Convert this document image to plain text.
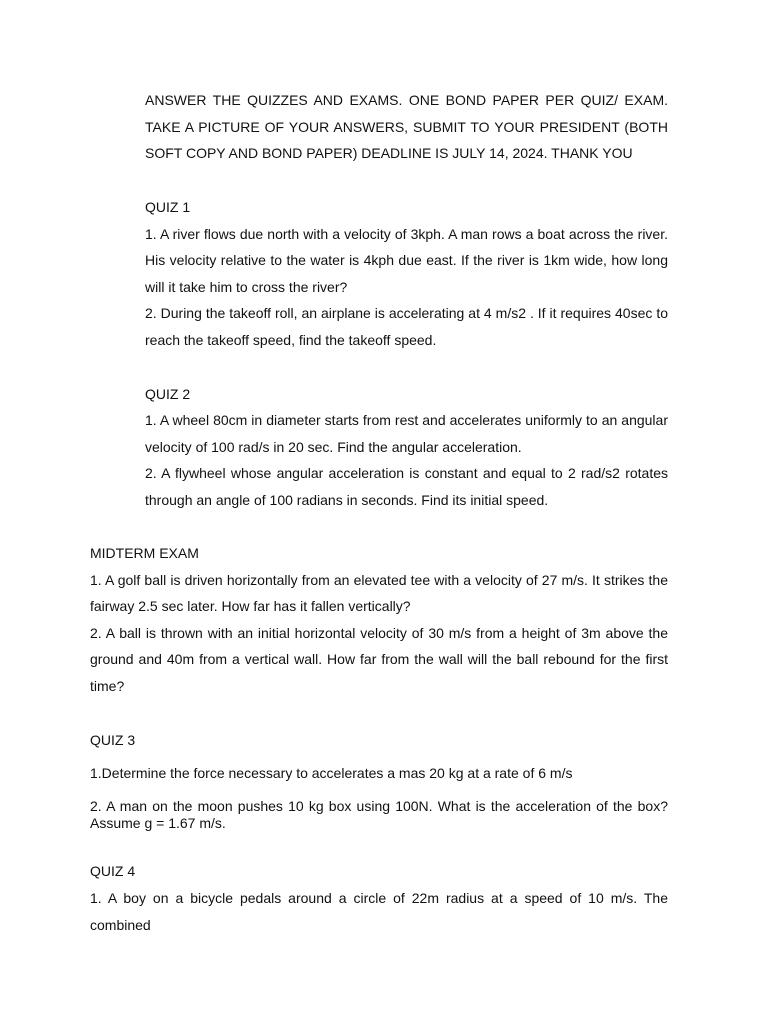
ANSWER THE QUIZZES AND EXAMS. ONE BOND PAPER PER QUIZ/ EXAM. TAKE A PICTURE OF YOUR ANSWERS, SUBMIT TO YOUR PRESIDENT (BOTH SOFT COPY AND BOND PAPER) DEADLINE IS JULY 14, 2024. THANK YOU

QUIZ 1

1. A river flows due north with a velocity of 3kph. A man rows a boat across the river. His velocity relative to the water is 4kph due east. If the river is 1km wide, how long will it take him to cross the river?

2. During the takeoff roll, an airplane is accelerating at 4 m/s2 . If it requires 40sec to reach the takeoff speed, find the takeoff speed.

QUIZ 2

1. A wheel 80cm in diameter starts from rest and accelerates uniformly to an angular velocity of 100 rad/s in 20 sec. Find the angular acceleration.

2. A flywheel whose angular acceleration is constant and equal to 2 rad/s2 rotates through an angle of 100 radians in seconds. Find its initial speed.

MIDTERM EXAM

1. A golf ball is driven horizontally from an elevated tee with a velocity of 27 m/s. It strikes the fairway 2.5 sec later. How far has it fallen vertically?

2. A ball is thrown with an initial horizontal velocity of 30 m/s from a height of 3m above the ground and 40m from a vertical wall. How far from the wall will the ball rebound for the first time?

QUIZ 3

1.Determine the force necessary to accelerates a mas 20 kg at a rate of 6 m/s

2. A man on the moon pushes 10 kg box using 100N. What is the acceleration of the box? Assume g = 1.67 m/s.

QUIZ 4

1. A boy on a bicycle pedals around a circle of 22m radius at a speed of 10 m/s. The combined
